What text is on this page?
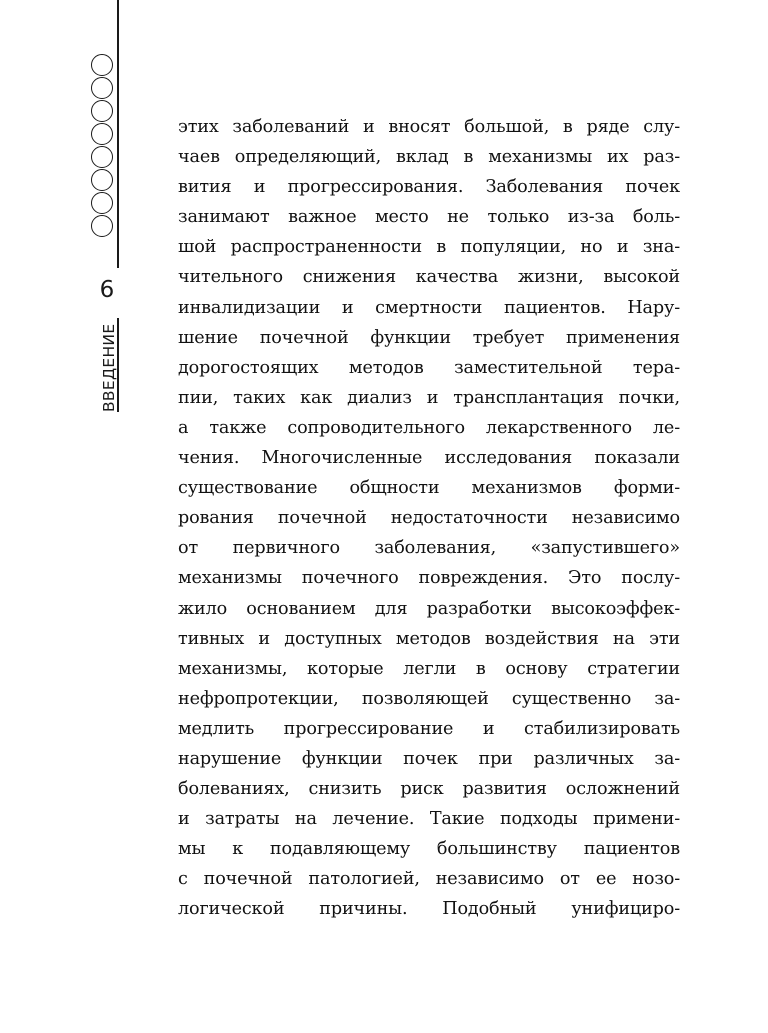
6
ВВЕДЕНИЕ
этих заболеваний и вносят большой, в ряде слу-
чаев определяющий, вклад в механизмы их раз-
вития и прогрессирования. Заболевания почек
занимают важное место не только из-за боль-
шой распространенности в популяции, но и зна-
чительного снижения качества жизни, высокой
инвалидизации и смертности пациентов. Нару-
шение почечной функции требует применения
дорогостоящих методов заместительной тера-
пии, таких как диализ и трансплантация почки,
а также сопроводительного лекарственного ле-
чения. Многочисленные исследования показали
существование общности механизмов форми-
рования почечной недостаточности независимо
от первичного заболевания, «запустившего»
механизмы почечного повреждения. Это послу-
жило основанием для разработки высокоэффек-
тивных и доступных методов воздействия на эти
механизмы, которые легли в основу стратегии
нефропротекции, позволяющей существенно за-
медлить прогрессирование и стабилизировать
нарушение функции почек при различных за-
болеваниях, снизить риск развития осложнений
и затраты на лечение. Такие подходы примени-
мы к подавляющему большинству пациентов
с почечной патологией, независимо от ее нозо-
логической причины. Подобный унифициро-
